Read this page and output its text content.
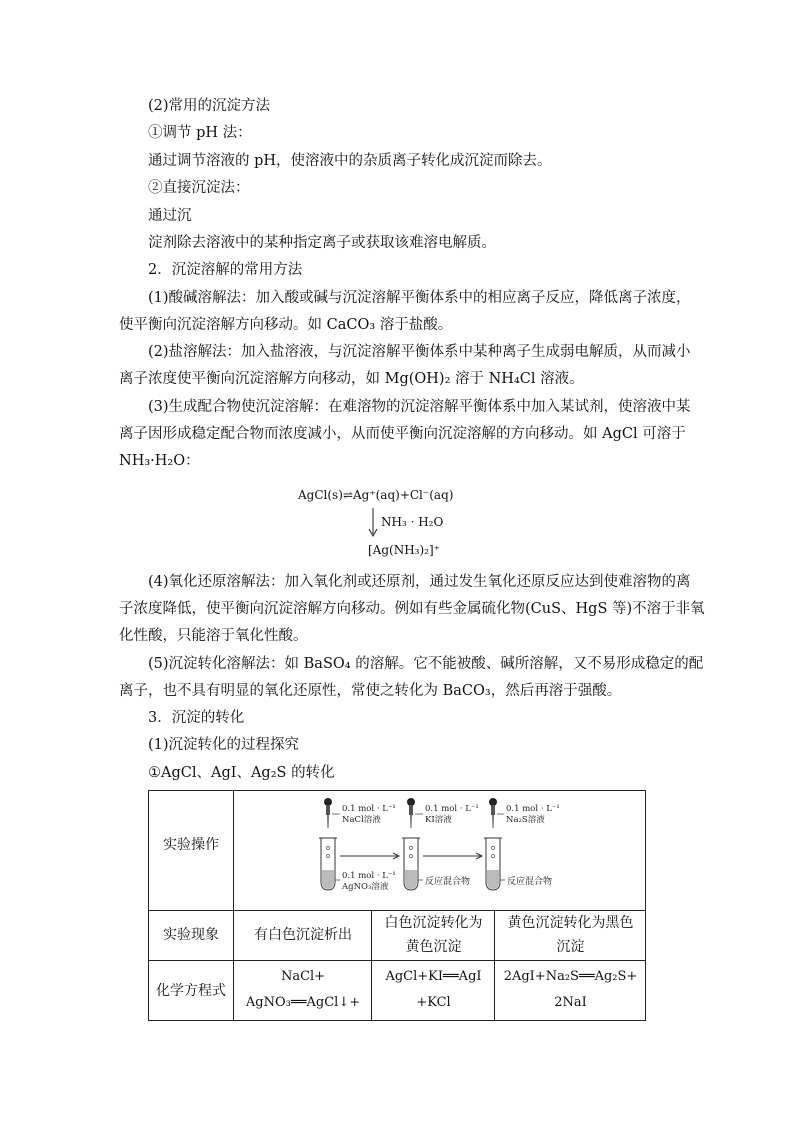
(2)常用的沉淀方法
①调节 pH 法：
通过调节溶液的 pH，使溶液中的杂质离子转化成沉淀而除去。
②直接沉淀法：
通过沉
淀剂除去溶液中的某种指定离子或获取该难溶电解质。
2．沉淀溶解的常用方法
(1)酸碱溶解法：加入酸或碱与沉淀溶解平衡体系中的相应离子反应，降低离子浓度，
使平衡向沉淀溶解方向移动。如 CaCO₃ 溶于盐酸。
(2)盐溶解法：加入盐溶液，与沉淀溶解平衡体系中某种离子生成弱电解质，从而减小
离子浓度使平衡向沉淀溶解方向移动，如 Mg(OH)₂ 溶于 NH₄Cl 溶液。
(3)生成配合物使沉淀溶解：在难溶物的沉淀溶解平衡体系中加入某试剂，使溶液中某
离子因形成稳定配合物而浓度减小，从而使平衡向沉淀溶解的方向移动。如 AgCl 可溶于
NH₃·H₂O：
AgCl(s)⇌Ag⁺(aq)+Cl⁻(aq)
NH₃ · H₂O
[Ag(NH₃)₂]⁺
(4)氧化还原溶解法：加入氧化剂或还原剂，通过发生氧化还原反应达到使难溶物的离
子浓度降低，使平衡向沉淀溶解方向移动。例如有些金属硫化物(CuS、HgS 等)不溶于非氧
化性酸，只能溶于氧化性酸。
(5)沉淀转化溶解法：如 BaSO₄ 的溶解。它不能被酸、碱所溶解，又不易形成稳定的配
离子，也不具有明显的氧化还原性，常使之转化为 BaCO₃，然后再溶于强酸。
3．沉淀的转化
(1)沉淀转化的过程探究
①AgCl、AgI、Ag₂S 的转化
实验操作
实验现象
化学方程式
有白色沉淀析出
白色沉淀转化为
黄色沉淀
黄色沉淀转化为黑色
沉淀
NaCl+
AgNO₃══AgCl↓+
AgCl+KI══AgI
+KCl
2AgI+Na₂S══Ag₂S+
2NaI
0.1 mol · L⁻¹
NaCl溶液
0.1 mol · L⁻¹
KI溶液
0.1 mol · L⁻¹
Na₂S溶液
0.1 mol · L⁻¹
AgNO₃溶液	反应混合物	反应混合物
